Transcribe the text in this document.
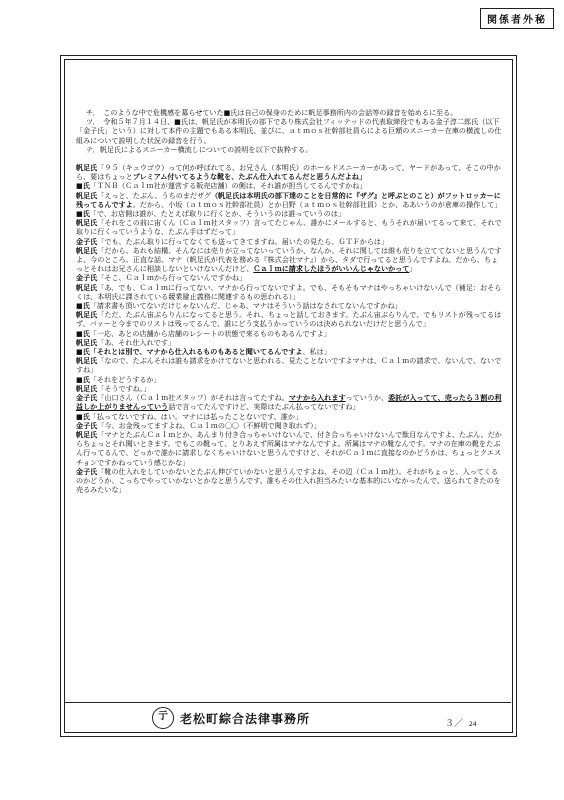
関係者外秘

チ．　このような中で危機感を募らせていた■氏は自己の保身のために帆足事務所内の会話等の録音を始めるに至る。

ツ．　令和５年７月１４日、■氏は、帆足氏が本明氏の部下であり株式会社フィッテッドの代表取締役でもある金子淳二郎氏（以下「金子氏」という）に対して本件の主題でもある本明氏、並びに、ａｔｍｏｓ社幹部社員らによる巨額のスニーカー在庫の横流しの仕組みについて説明した状況の録音を行う。

テ．帆足氏によるスニーカー横流しについての説明を以下で抜粋する。

帆足氏「９５（キュウゴウ）って何か呼ばれてる、お兄さん（本明氏）のホールドスニーカーがあって、ヤードがあって、そこの中から、要はちょっとプレミアム付いてるような靴を、たぶん仕入れてるんだと思うんだよね」

■氏「ＴＮＢ（Ｃａｌｍ社が運営する販売店舗）の側は、それ誰が担当してるんですかね」

帆足氏「えっと、たぶん、うちのまだザグ（帆足氏は本明氏の部下達のことを日常的に『ザグ』と呼ぶとのこと）がフットロッカーに残ってるんですよ。だから、小坂（ａｔｍｏｓ社幹部社員）とか日野（ａｔｍｏｓ社幹部社員）とか、ああいうのが倉庫の操作して」

■氏「で、お店側は誰が、たとえば取りに行くとか、そういうのは誰っていうのは」

帆足氏「それをこの前に宙くん（Ｃａｌｍ社スタッフ）言ってたじゃん、誰かにメールすると、もうそれが届いてるって来て、それで取りに行くっていうような、たぶん手はずだって」

金子氏「でも、たぶん取りに行ってなくても送ってきてますね。届いたの見たら、ＧＴＦからは」

帆足氏「だから、あれも結構、そんなには売りが立ってないっていうか、なんか、それに関しては維も売りを立ててないと思うんですよ、今のところ。正直な話、マナ（帆足氏が代表を務める『株式会社マナ』）から、タダで行ってると思うんですよね。だから、ちょっとそれはお兄さんに相談しないといけないんだけど、Ｃａｌｍに請求したほうがいいんじゃないかって」

金子氏「そこ、Ｃａｌｍから行ってないんですかね」

帆足氏「あ、でも、Ｃａｌｍに行ってない、マナから行ってないですよ。でも、そもそもマナはやっちゃいけないんで（補足：おそらくは、本明氏に課されている競業避止義務に関連するもの思われる）」

■氏「請求書も頂いてないだけじゃないんだ、じゃあ、マナはそういう話はなされてないんですかね」

帆足氏「ただ、たぶん宙ぶらりんになってると思う。それ、ちょっと話しておきます。たぶん宙ぶらりんで、でもリストが残ってるはず、バァーと今までのリストは残ってるんで、誰にどう支払うかっていうのは決められないだけだと思うんで」

■氏「一応、あとの店舗から店舗のレシートの状態で来るものもあるんですよ」

帆足氏「あ、それ仕入れです」

■氏「それとは別で、マナから仕入れるものもあると聞いてるんですよ、私は」

帆足氏「なので、たぶんそれは誰も請求をかけてないと思われる、見たことないですよマナは、Ｃａｌｍの請求で、ないんで、ないですね」

■氏「それをどうするか」

帆足氏「そうですね。」

金子氏「山口さん（Ｃａｌｍ社スタッフ）がそれは言ってたすね。マナから入れますっていうか、委託が入ってて、売ったら３割の利益しか上がりませんっていう話で言ってたんですけど、実際はたぶん払ってないですね」

■氏「払ってないですね、はい。マナには払ったことないです、誰か」

金子氏「今、お金残ってますよね、Ｃａｌｍの〇〇（不鮮明で聞き取れず）」

帆足氏「マナとたぶんＣａｌｍとか、あんまり付き合っちゃいけないんで、付き合っちゃいけないんで駄目なんですよ、たぶん。だからちょっとそれ聞いときます。でもこの靴って、とりあえず所属はマナなんですよ。所属はマナの靴なんです。マナの在庫の靴をたぶん行ってるんで、どっかで誰かに請求しなくちゃいけないと思うんですけど、それがＣａｌｍに直接なのかどうかは、ちょっとクエスチョンですかねっていう感じかな」

金子氏「靴の仕入れをしていかないとたぶん伸びていかないと思うんですよね、その辺（Ｃａｌｍ社）。それがちょっと、入ってくるのかどうか、こっちでやっていかないとかなと思うんです。誰もその仕入れ担当みたいな基本的にいなかったんで、送られてきたのを売るみたいな」

亍	老松町綜合法律事務所	３／ 24
